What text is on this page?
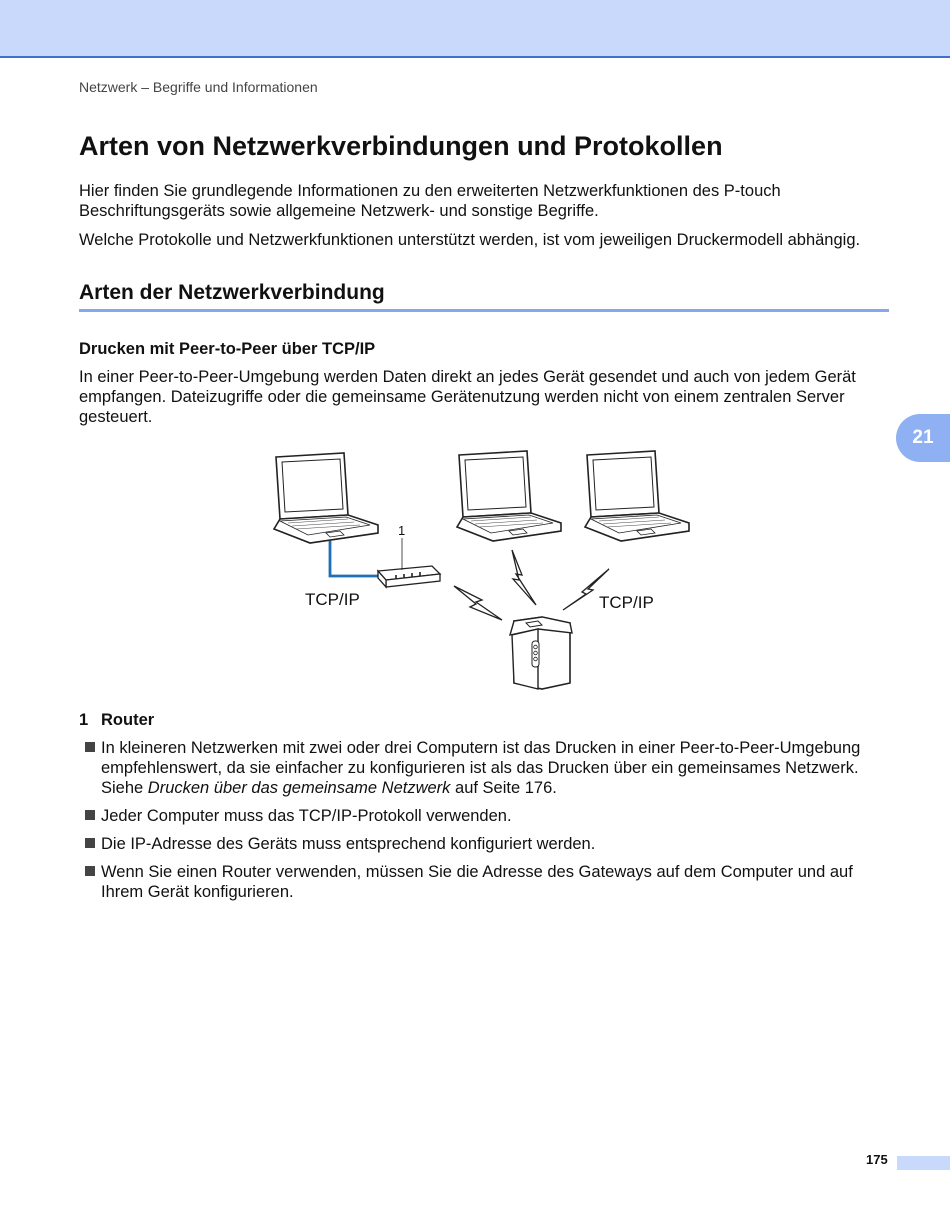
Netzwerk – Begriffe und Informationen
Arten von Netzwerkverbindungen und Protokollen

Hier finden Sie grundlegende Informationen zu den erweiterten Netzwerkfunktionen des P-touch Beschriftungsgeräts sowie allgemeine Netzwerk- und sonstige Begriffe.

Welche Protokolle und Netzwerkfunktionen unterstützt werden, ist vom jeweiligen Druckermodell abhängig.

Arten der Netzwerkverbindung
Drucken mit Peer-to-Peer über TCP/IP

In einer Peer-to-Peer-Umgebung werden Daten direkt an jedes Gerät gesendet und auch von jedem Gerät empfangen. Dateizugriffe oder die gemeinsame Gerätenutzung werden nicht von einem zentralen Server gesteuert.

21
1
TCP/IP	TCP/IP
1 Router
In kleineren Netzwerken mit zwei oder drei Computern ist das Drucken in einer Peer-to-Peer-Umgebung empfehlenswert, da sie einfacher zu konfigurieren ist als das Drucken über ein gemeinsames Netzwerk. Siehe Drucken über das gemeinsame Netzwerk auf Seite 176.
Jeder Computer muss das TCP/IP-Protokoll verwenden.
Die IP-Adresse des Geräts muss entsprechend konfiguriert werden.
Wenn Sie einen Router verwenden, müssen Sie die Adresse des Gateways auf dem Computer und auf Ihrem Gerät konfigurieren.
175
